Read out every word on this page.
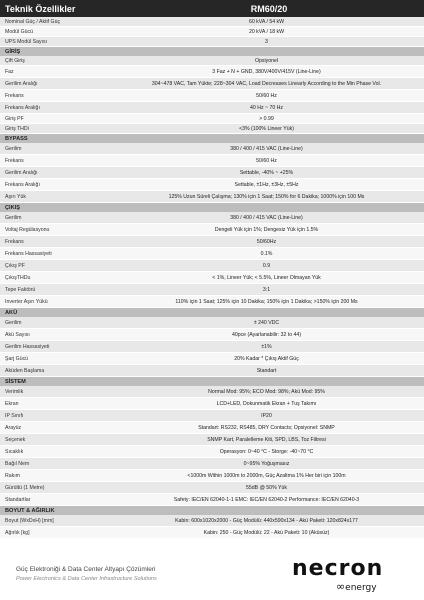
Teknik Özellikler	RM60/20
Nominal Güç / Aktif Güç	60 kVA / 54 kW
Modül Gücü	20 kVA / 18 kW
UPS Modül Sayısı	3
GİRİŞ
Çift Giriş	Opsiyonel
Faz	3 Faz + N + GND, 380V/400V/415V (Line-Line)
Gerilim Aralığı	304~478 VAC, Tam Yükte; 228~304 VAC, Load Decreases Linearly According to the Min Phase Vol.
Frekans	50/60 Hz
Frekans Aralığı	40 Hz ~ 70 Hz
Giriş PF	> 0.99
Giriş THDi	<3% (100% Lineer Yük)
BYPASS
Gerilim	380 / 400 / 415 VAC (Line-Line)
Frekans	50/60 Hz
Gerilim Aralığı	Settable, -40% ~ +25%
Frekans Aralığı	Settable, ±1Hz, ±3Hz, ±5Hz
Aşırı Yük	125% Uzun Süreli Çalışma; 130% için 1 Saat; 150% for 6 Dakika; 1000% için 100 Ms
ÇIKIŞ
Gerilim	380 / 400 / 415 VAC (Line-Line)
Voltaj Regülasyonu	Dengeli Yük için 1%; Dengesiz Yük için 1.5%
Frekans	50/60Hz
Frekans Hassasiyeti	0.1%
Çıkış PF	0.9
ÇıkışTHDu	< 1%, Lineer Yük; < 5.5%, Lineer Olmayan Yük
Tepe Faktörü	3:1
İnverter Aşırı Yükü	110% için 1 Saat; 125% için 10 Dakika; 150% için 1 Dakika; >150% için 200 Ms
AKÜ
Gerilim	± 240 VDC
Akü Sayısı	40pce (Ayarlanabilir: 32 to 44)
Gerilim Hassasiyeti	±1%
Şarj Gücü	20% Kadar * Çıkış Aktif Güç
Aküden Başlama	Standart
SİSTEM
Verimlik	Normal Mod: 95%; ECO Mod: 98%; Akü Mod: 95%
Ekran	LCD+LED, Dokunmatik Ekran + Tuş Takımı
IP Sınıfı	IP20
Arayüz	Standart: RS232, RS485, DRY Contacts; Opsiyonel: SNMP
Seçenek	SNMP Kart, Paralelleme Kiti, SPD, LBS, Toz Filtresi
Sıcaklık	Operasyon: 0~40 °C - Storge: -40~70 °C
Bağıl Nem	0~95% Yoğuşmasız
Rakım	<1000m Within 1000m to 2000m, Güç Azaltma 1% Her biri için 100m
Gürültü (1 Metre)	55dB @ 50% Yük
Standartlar	Safety: IEC/EN 62040-1-1 EMC: IEC/EN 62040-2 Performance: IEC/EN 62040-3
BOYUT & AĞIRLIK
Boyut (WxDxH) [mm]	Kabin: 600x1020x2000 - Güç Modülü: 440x590x134 - Akü Paketi: 120x824x177
Ağırlık [kg]	Kabin: 250 - Güç Modülü: 22 - Akü Paketi: 10 (Aküsüz)
Güç Elektroniği & Data Center Altyapı Çözümleri
Power Electronics & Data Center Infrastructure Solutions	necron
∞energy
